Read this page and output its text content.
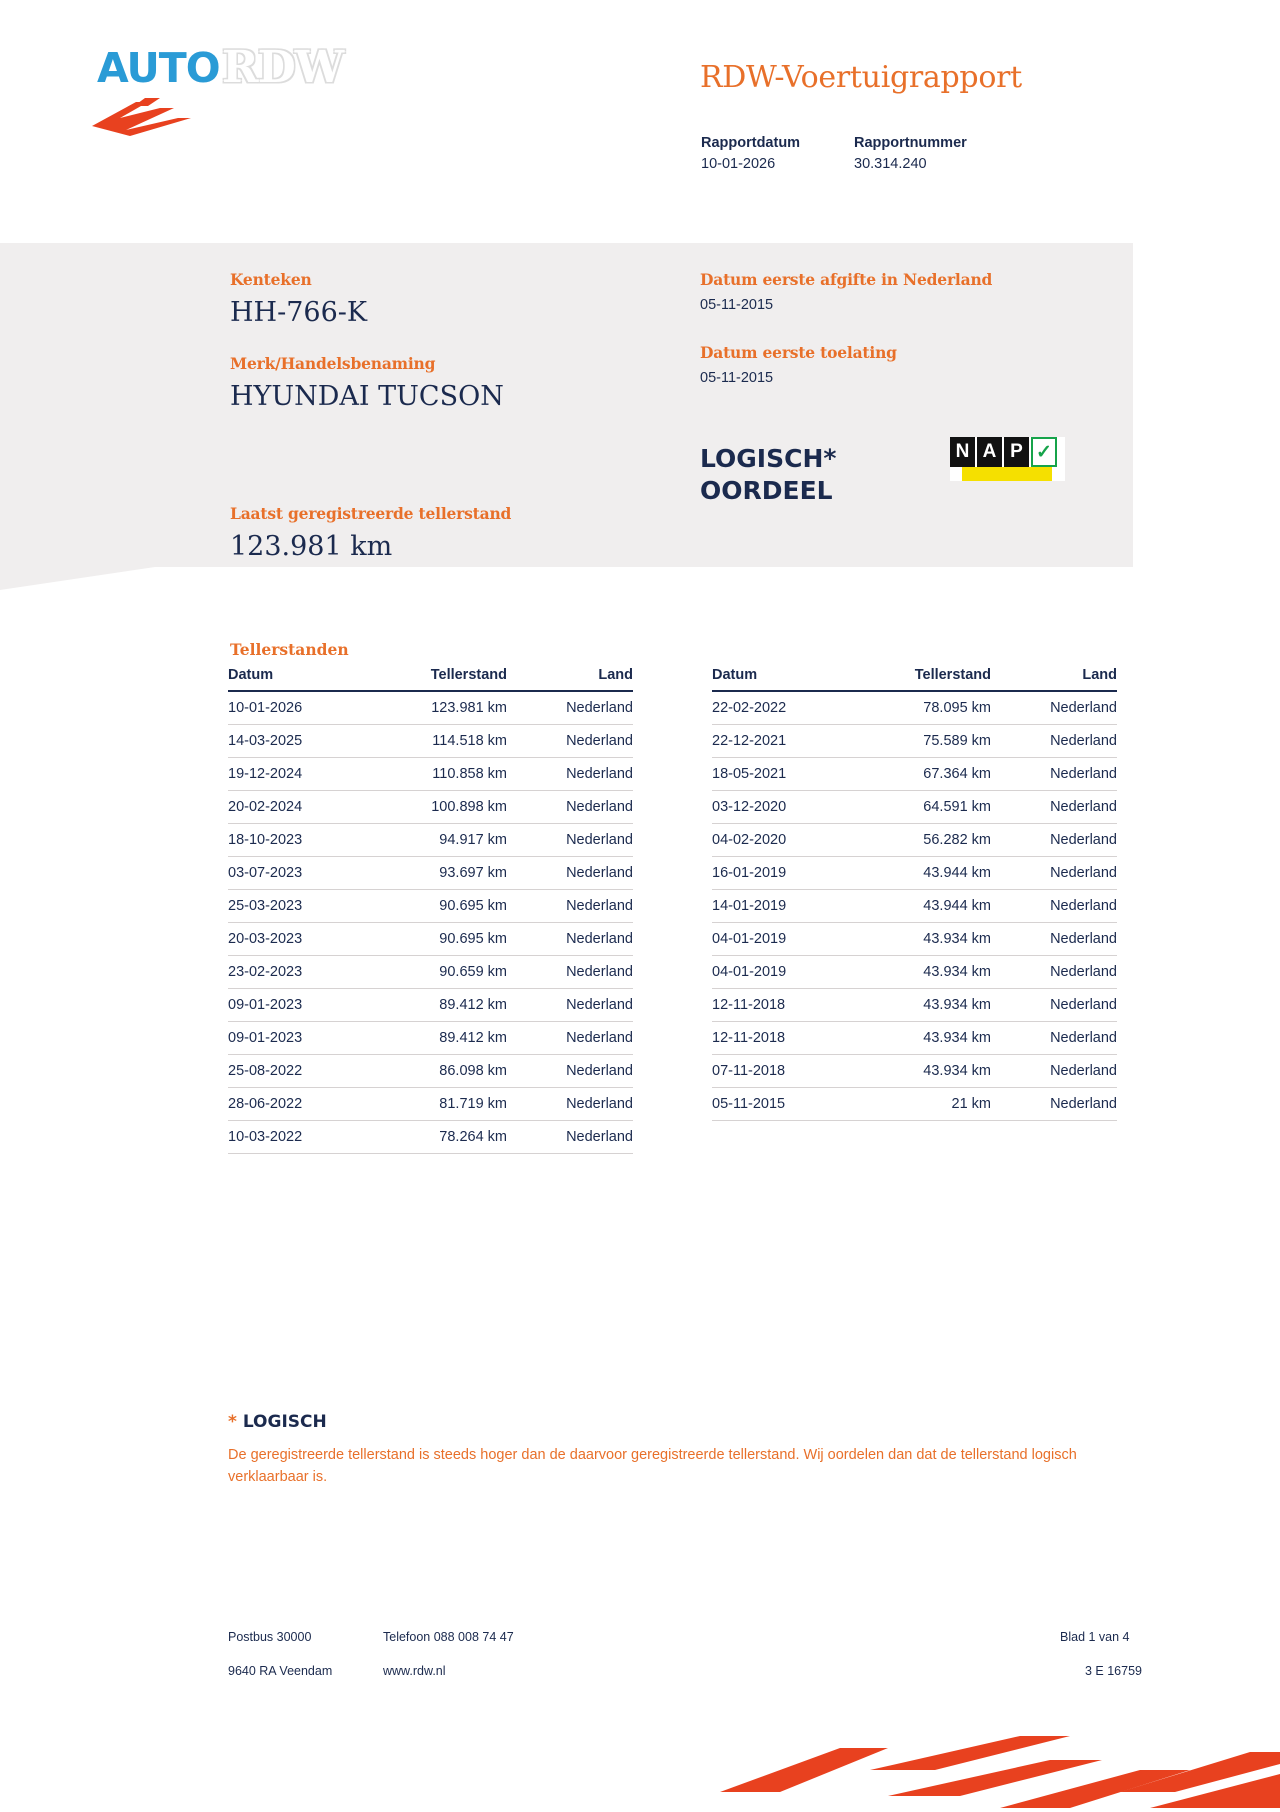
AUTO RDW	RDW-Voertuigrapport
Rapportdatum	Rapportnummer
10-01-2026	30.314.240
Kenteken
HH-766-K
Merk/Handelsbenaming
HYUNDAI TUCSON
Laatst geregistreerde tellerstand
123.981 km
Datum eerste afgifte in Nederland
05-11-2015
Datum eerste toelating
05-11-2015
LOGISCH*
OORDEEL
N A P ✓
Tellerstanden
Datum	Tellerstand	Land
10-01-2026	123.981 km	Nederland
14-03-2025	114.518 km	Nederland
19-12-2024	110.858 km	Nederland
20-02-2024	100.898 km	Nederland
18-10-2023	94.917 km	Nederland
03-07-2023	93.697 km	Nederland
25-03-2023	90.695 km	Nederland
20-03-2023	90.695 km	Nederland
23-02-2023	90.659 km	Nederland
09-01-2023	89.412 km	Nederland
09-01-2023	89.412 km	Nederland
25-08-2022	86.098 km	Nederland
28-06-2022	81.719 km	Nederland
10-03-2022	78.264 km	Nederland
Datum	Tellerstand	Land
22-02-2022	78.095 km	Nederland
22-12-2021	75.589 km	Nederland
18-05-2021	67.364 km	Nederland
03-12-2020	64.591 km	Nederland
04-02-2020	56.282 km	Nederland
16-01-2019	43.944 km	Nederland
14-01-2019	43.944 km	Nederland
04-01-2019	43.934 km	Nederland
04-01-2019	43.934 km	Nederland
12-11-2018	43.934 km	Nederland
12-11-2018	43.934 km	Nederland
07-11-2018	43.934 km	Nederland
05-11-2015	21 km	Nederland
* LOGISCH
De geregistreerde tellerstand is steeds hoger dan de daarvoor geregistreerde tellerstand. Wij oordelen dan dat de tellerstand logisch verklaarbaar is.
Postbus 30000
9640 RA Veendam
Telefoon 088 008 74 47
www.rdw.nl
Blad 1 van 4
3 E 16759
